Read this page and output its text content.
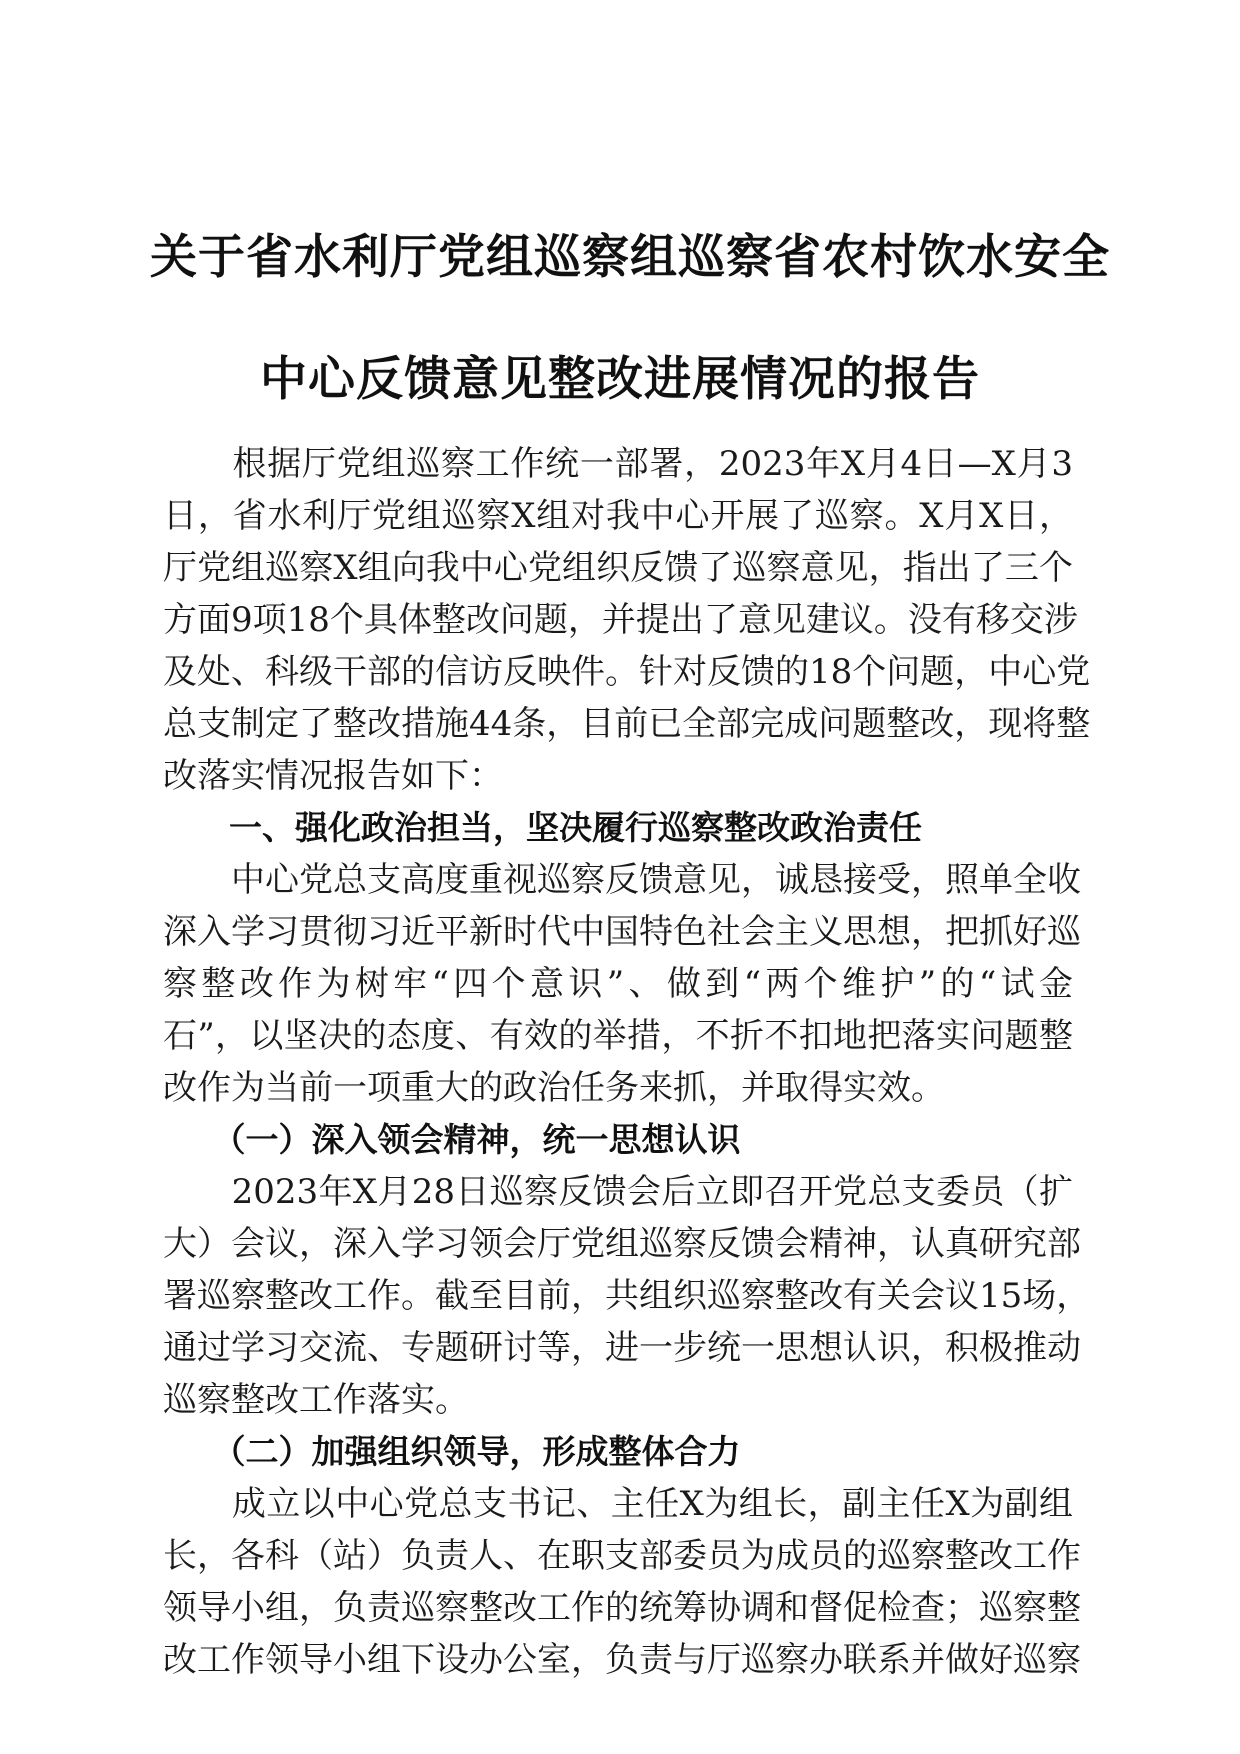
关于省水利厅党组巡察组巡察省农村饮水安全
中心反馈意见整改进展情况的报告

　　根据厅党组巡察工作统一部署，2023年X月4日—X月3

日，省水利厅党组巡察X组对我中心开展了巡察。X月X日，

厅党组巡察X组向我中心党组织反馈了巡察意见，指出了三个

方面9项18个具体整改问题，并提出了意见建议。没有移交涉

及处、科级干部的信访反映件。针对反馈的18个问题，中心党

总支制定了整改措施44条，目前已全部完成问题整改，现将整

改落实情况报告如下：

　　一、强化政治担当，坚决履行巡察整改政治责任

　　中心党总支高度重视巡察反馈意见，诚恳接受，照单全收

深入学习贯彻习近平新时代中国特色社会主义思想，把抓好巡

察整改作为树牢“四个意识”、做到“两个维护”的“试金

石”，以坚决的态度、有效的举措，不折不扣地把落实问题整

改作为当前一项重大的政治任务来抓，并取得实效。

　　（一）深入领会精神，统一思想认识

　　2023年X月28日巡察反馈会后立即召开党总支委员（扩

大）会议，深入学习领会厅党组巡察反馈会精神，认真研究部

署巡察整改工作。截至目前，共组织巡察整改有关会议15场，

通过学习交流、专题研讨等，进一步统一思想认识，积极推动

巡察整改工作落实。

　　（二）加强组织领导，形成整体合力

　　成立以中心党总支书记、主任X为组长，副主任X为副组

长，各科（站）负责人、在职支部委员为成员的巡察整改工作

领导小组，负责巡察整改工作的统筹协调和督促检查；巡察整

改工作领导小组下设办公室，负责与厅巡察办联系并做好巡察
